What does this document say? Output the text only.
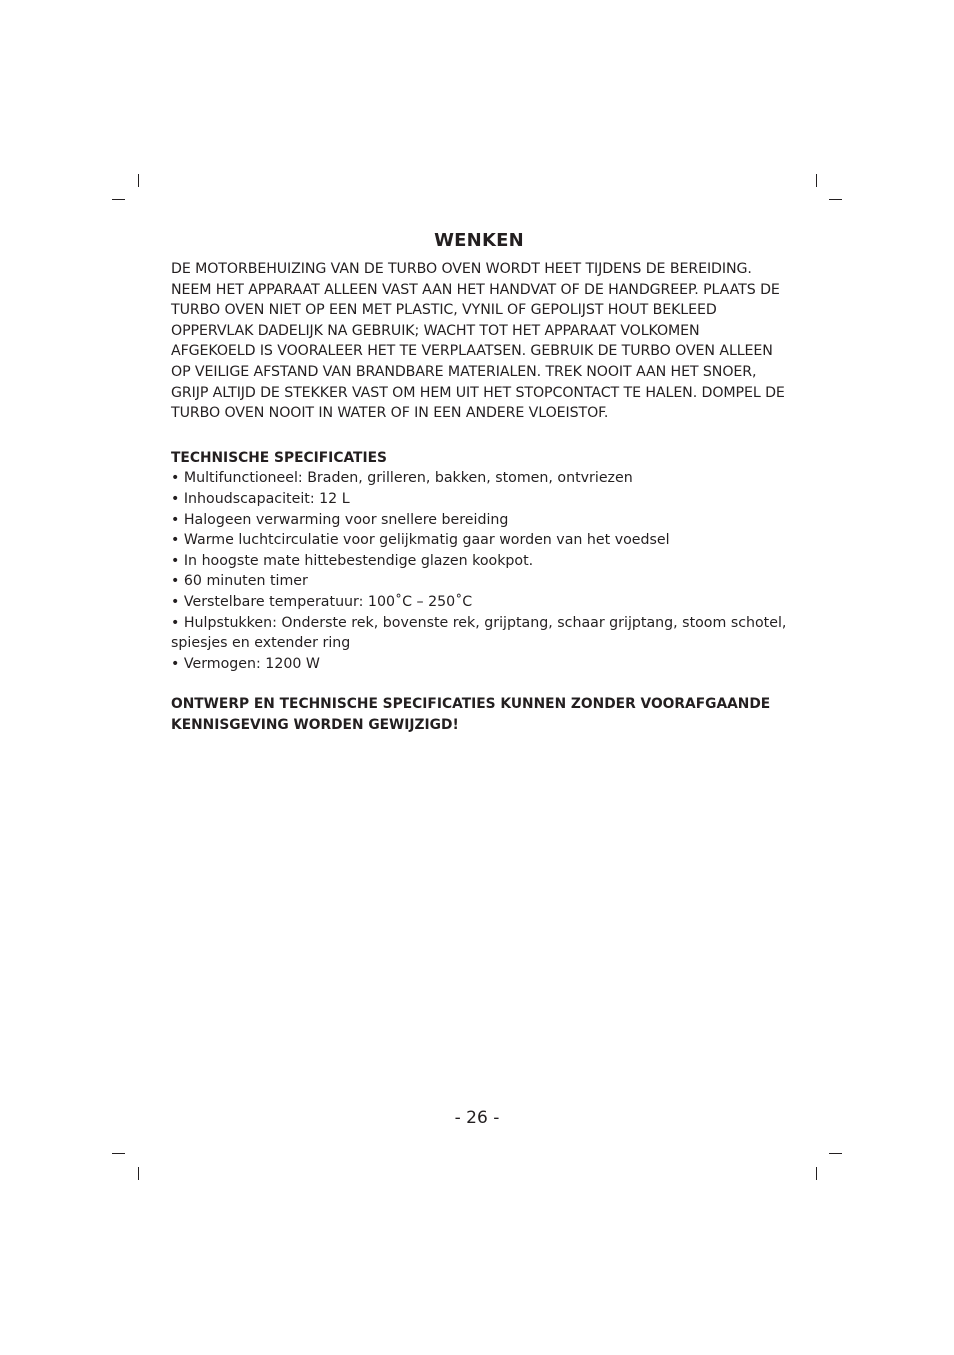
WENKEN

DE MOTORBEHUIZING VAN DE TURBO OVEN WORDT HEET TIJDENS DE BEREIDING. NEEM HET APPARAAT ALLEEN VAST AAN HET HANDVAT OF DE HANDGREEP. PLAATS DE TURBO OVEN NIET OP EEN MET PLASTIC, VYNIL OF GEPOLIJST HOUT BEKLEED OPPERVLAK DADELIJK NA GEBRUIK; WACHT TOT HET APPARAAT VOLKOMEN AFGEKOELD IS VOORALEER HET TE VERPLAATSEN. GEBRUIK DE TURBO OVEN ALLEEN OP VEILIGE AFSTAND VAN BRANDBARE MATERIALEN. TREK NOOIT AAN HET SNOER, GRIJP ALTIJD DE STEKKER VAST OM HEM UIT HET STOPCONTACT TE HALEN. DOMPEL DE TURBO OVEN NOOIT IN WATER OF IN EEN ANDERE VLOEISTOF.

TECHNISCHE SPECIFICATIES
• Multifunctioneel: Braden, grilleren, bakken, stomen, ontvriezen
• Inhoudscapaciteit: 12 L
• Halogeen verwarming voor snellere bereiding
• Warme luchtcirculatie voor gelijkmatig gaar worden van het voedsel
• In hoogste mate hittebestendige glazen kookpot.
• 60 minuten timer
• Verstelbare temperatuur: 100˚C – 250˚C
• Hulpstukken: Onderste rek, bovenste rek, grijptang, schaar grijptang, stoom schotel, spiesjes en extender ring
• Vermogen: 1200 W

ONTWERP EN TECHNISCHE SPECIFICATIES KUNNEN ZONDER VOORAFGAANDE KENNISGEVING WORDEN GEWIJZIGD!

- 26 -
